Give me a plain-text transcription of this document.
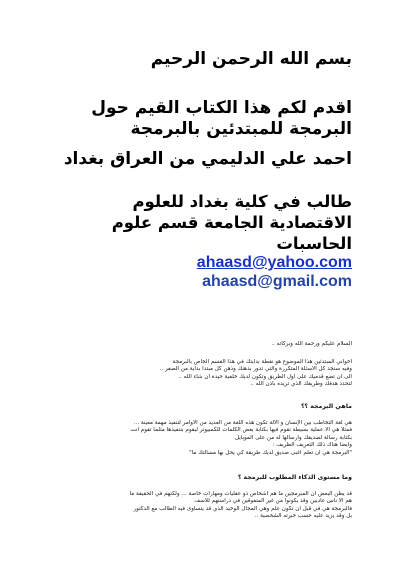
بسم الله الرحمن الرحيم
اقدم لكم هذا الكتاب القيم حول البرمجة للمبتدئين بالبرمجة
احمد علي الدليمي من العراق بغداد
طالب في كلية بغداد للعلوم الاقتصادية الجامعة قسم علوم الحاسبات
ahaasd@yahoo.com
ahaasd@gmail.com

السلام عليكم ورحمة الله وبركاته ..

أخواني المبتدئين هذا الموضوع هو نقطة بدايتك في هذا القسم الخاص بالبرمجة

وفيه سنجد كل الأسئلة المتكررة والتي تدور بذهنك وذهن كل مبتدأ بداية من الصفر ..

الى أن تضع قدميك على اول الطريق وتكون لديك خلفية جيدة ان شاء الله ..

لتحدد هدفك وطريقك الذي تريده بأذن الله ..

ماهي البرمجة ؟؟

هي لغة التخاطب بين الإنسان و الألة تكون هذه اللغة من العديد من الأوامر لتنفيذ مهمة معينة ...

فمثلاً هي ألا عملية بسيطة تقوم فيها بكتابة بعض الكلمات للكمبيوتر ليقوم بتنفيذها مثلما تقوم انت

بكتابة رسالة لصديقك وارسالها له من على الموبايل

وأيضاً هناك ذلك التعريف الظريف :

"البرمجة هي ان تعلم أغبى صديق لديك طريقة كي يحل بها مسألتك ما"

وما مستوى الذكاء المطلوب للبرمجة ؟

قد يظن البعض ان المبرمجين ما هم اشخاص ذو عقليات ومهارات خاصة ... ولكنهم في الحقيقة ما

هم الا ناس عاديين وقد يكونوا من غير المتفوقين في دراستهم للاسف

فالبرمجة هي في قبل ان تكون علم وهي المجال الوحيد الذي قد يتساوى فيه الطالب مع الدكتور

بل وقد يزيد عليه حسب خبرته الشخصية ..
